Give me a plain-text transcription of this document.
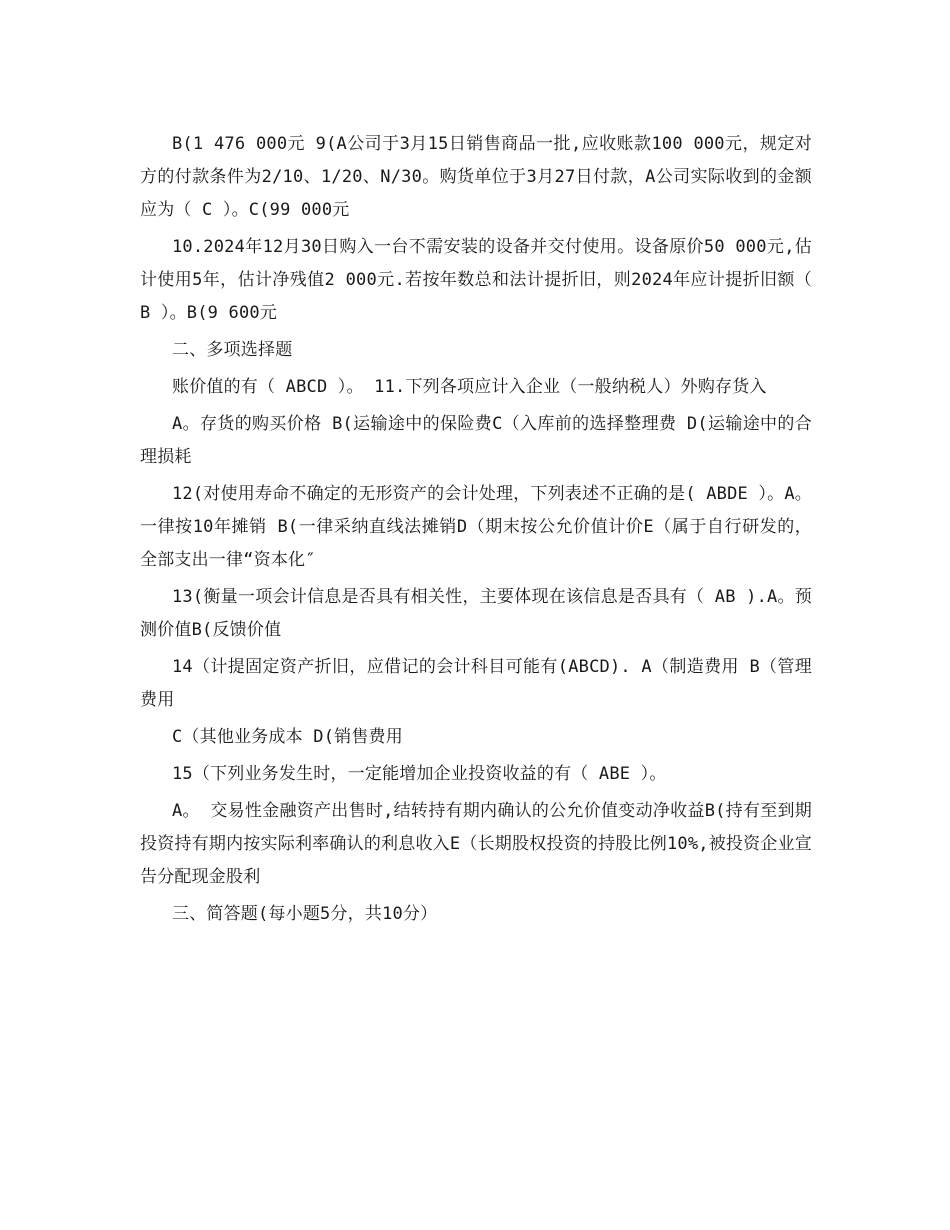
B(1 476 000元 9(A公司于3月15日销售商品一批,应收账款100 000元，规定对方的付款条件为2/10、1/20、N/30。购货单位于3月27日付款，A公司实际收到的金额应为（ C ）。C(99 000元

10.2024年12月30日购入一台不需安装的设备并交付使用。设备原价50 000元,估计使用5年，估计净残值2 000元.若按年数总和法计提折旧，则2024年应计提折旧额（ B ）。B(9 600元

二、多项选择题

账价值的有（ ABCD ）。 11.下列各项应计入企业（一般纳税人）外购存货入

A。存货的购买价格 B(运输途中的保险费C（入库前的选择整理费 D(运输途中的合理损耗

12(对使用寿命不确定的无形资产的会计处理，下列表述不正确的是( ABDE ）。A。一律按10年摊销 B(一律采纳直线法摊销D（期末按公允价值计价E（属于自行研发的，全部支出一律“资本化″

13(衡量一项会计信息是否具有相关性，主要体现在该信息是否具有（ AB ).A。预测价值B(反馈价值

14（计提固定资产折旧，应借记的会计科目可能有(ABCD). A（制造费用 B（管理费用

C（其他业务成本 D(销售费用

15（下列业务发生时，一定能增加企业投资收益的有（ ABE ）。

A。 交易性金融资产出售时,结转持有期内确认的公允价值变动净收益B(持有至到期投资持有期内按实际利率确认的利息收入E（长期股权投资的持股比例10%,被投资企业宣告分配现金股利

三、简答题(每小题5分，共10分）
